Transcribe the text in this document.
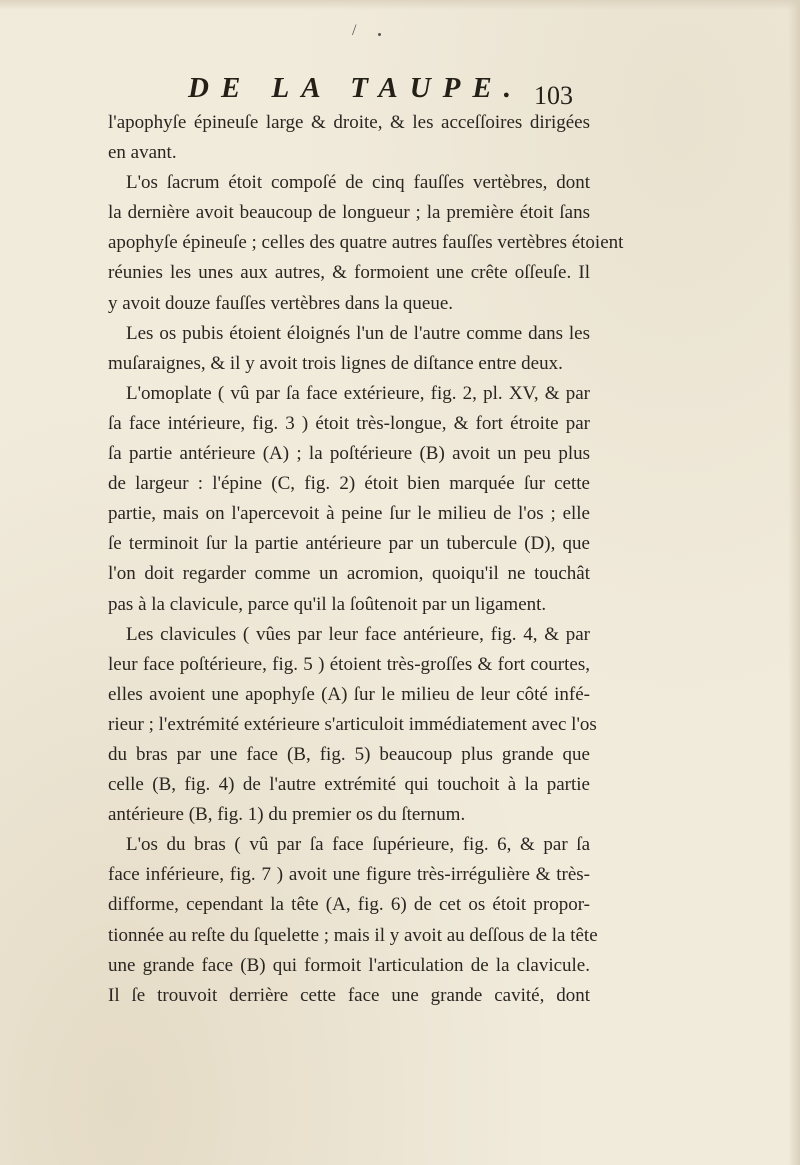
/
DE LA TAUPE. 103
l'apophyſe épineuſe large & droite, & les acceſſoires dirigées
en avant.
L'os ſacrum étoit compoſé de cinq fauſſes vertèbres, dont
la dernière avoit beaucoup de longueur ; la première étoit ſans
apophyſe épineuſe ; celles des quatre autres fauſſes vertèbres étoient
réunies les unes aux autres, & formoient une crête oſſeuſe. Il
y avoit douze fauſſes vertèbres dans la queue.
Les os pubis étoient éloignés l'un de l'autre comme dans les
muſaraignes, & il y avoit trois lignes de diſtance entre deux.
L'omoplate ( vû par ſa face extérieure, fig. 2, pl. XV, & par
ſa face intérieure, fig. 3 ) étoit très-longue, & fort étroite par
ſa partie antérieure (A) ; la poſtérieure (B) avoit un peu plus
de largeur : l'épine (C, fig. 2) étoit bien marquée ſur cette
partie, mais on l'apercevoit à peine ſur le milieu de l'os ; elle
ſe terminoit ſur la partie antérieure par un tubercule (D), que
l'on doit regarder comme un acromion, quoiqu'il ne touchât
pas à la clavicule, parce qu'il la ſoûtenoit par un ligament.
Les clavicules ( vûes par leur face antérieure, fig. 4, & par
leur face poſtérieure, fig. 5 ) étoient très-groſſes & fort courtes,
elles avoient une apophyſe (A) ſur le milieu de leur côté infé-
rieur ; l'extrémité extérieure s'articuloit immédiatement avec l'os
du bras par une face (B, fig. 5) beaucoup plus grande que
celle (B, fig. 4) de l'autre extrémité qui touchoit à la partie
antérieure (B, fig. 1) du premier os du ſternum.
L'os du bras ( vû par ſa face ſupérieure, fig. 6, & par ſa
face inférieure, fig. 7 ) avoit une figure très-irrégulière & très-
difforme, cependant la tête (A, fig. 6) de cet os étoit propor-
tionnée au reſte du ſquelette ; mais il y avoit au deſſous de la tête
une grande face (B) qui formoit l'articulation de la clavicule.
Il ſe trouvoit derrière cette face une grande cavité, dont
